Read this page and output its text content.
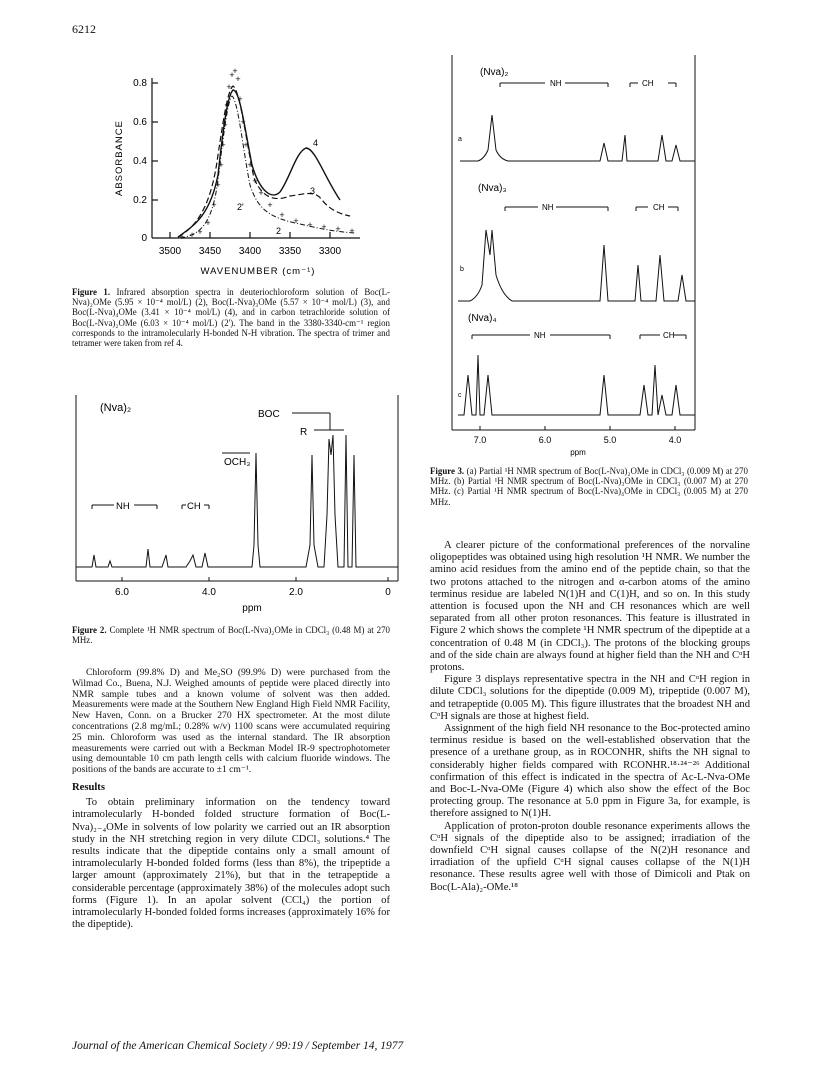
6212
0.8
0.6
0.4
0.2
0
3500 3450 3400 3350 3300
ABSORBANCE
WAVENUMBER (cm⁻¹)
+ + +
+
+
+
+
+
+
+
+
+
+
+
+
+
+
+
+
+
+
+
+ + + + +
4
3
2
2'
Figure 1. Infrared absorption spectra in deuteriochloroform solution of Boc(L-Nva)₂OMe (5.95 × 10⁻⁴ mol/L) (2), Boc(L-Nva)₃OMe (5.57 × 10⁻⁴ mol/L) (3), and Boc(L-Nva)₄OMe (3.41 × 10⁻⁴ mol/L) (4), and in carbon tetrachloride solution of Boc(L-Nva)₂OMe (6.03 × 10⁻⁴ mol/L) (2'). The band in the 3380-3340-cm⁻¹ region corresponds to the intramolecularly H-bonded N-H vibration. The spectra of trimer and tetramer were taken from ref 4.
(Nva)₂
BOC
R
OCH₃
NH	CH
6.0	4.0	2.0	0
ppm
Figure 2. Complete ¹H NMR spectrum of Boc(L-Nva)₂OMe in CDCl₃ (0.48 M) at 270 MHz.
(Nva)₂
(Nva)₃
(Nva)₄
a
b
c
NH	CH
NH	CH
NH	CH
7.0	6.0	5.0	4.0
ppm
Figure 3. (a) Partial ¹H NMR spectrum of Boc(L-Nva)₂OMe in CDCl₃ (0.009 M) at 270 MHz. (b) Partial ¹H NMR spectrum of Boc(L-Nva)₃OMe in CDCl₃ (0.007 M) at 270 MHz. (c) Partial ¹H NMR spectrum of Boc(L-Nva)₄OMe in CDCl₃ (0.005 M) at 270 MHz.

Chloroform (99.8% D) and Me₂SO (99.9% D) were purchased from the Wilmad Co., Buena, N.J. Weighed amounts of peptide were placed directly into NMR sample tubes and a known volume of solvent was then added. Measurements were made at the Southern New England High Field NMR Facility, New Haven, Conn. on a Brucker 270 HX spectrometer. At the most dilute concentrations (2.8 mg/mL; 0.28% w/v) 1100 scans were accumulated requiring 25 min. Chloroform was used as the internal standard. The IR absorption measurements were carried out with a Beckman Model IR-9 spectrophotometer using demountable 10 cm path length cells with calcium fluoride windows. The positions of the bands are accurate to ±1 cm⁻¹.

Results

To obtain preliminary information on the tendency toward intramolecularly H-bonded folded structure formation of Boc(L-Nva)₂₋₄OMe in solvents of low polarity we carried out an IR absorption study in the NH stretching region in very dilute CDCl₃ solutions.⁴ The results indicate that the dipeptide contains only a small amount of intramolecularly H-bonded folded forms (less than 8%), the tripeptide a larger amount (approximately 21%), but that in the tetrapeptide a considerable percentage (approximately 38%) of the molecules adopt such forms (Figure 1). In an apolar solvent (CCl₄) the portion of intramolecularly H-bonded folded forms increases (approximately 16% for the dipeptide).

A clearer picture of the conformational preferences of the norvaline oligopeptides was obtained using high resolution ¹H NMR. We number the amino acid residues from the amino end of the peptide chain, so that the two protons attached to the nitrogen and α-carbon atoms of the amino terminus residue are labeled N(1)H and C(1)H, and so on. In this study attention is focused upon the NH and CH resonances which are well separated from all other proton resonances. This feature is illustrated in Figure 2 which shows the complete ¹H NMR spectrum of the dipeptide at a concentration of 0.48 M (in CDCl₃). The protons of the blocking groups and of the side chain are always found at higher field than the NH and CᵅH protons.

Figure 3 displays representative spectra in the NH and CᵅH region in dilute CDCl₃ solutions for the dipeptide (0.009 M), tripeptide (0.007 M), and tetrapeptide (0.005 M). This figure illustrates that the broadest NH and CᵅH signals are those at highest field.

Assignment of the high field NH resonance to the Boc-protected amino terminus residue is based on the well-established observation that the presence of a urethane group, as in ROCONHR, shifts the NH signal to considerably higher fields compared with RCONHR.¹⁸·²⁴⁻²⁶ Additional confirmation of this effect is indicated in the spectra of Ac-L-Nva-OMe and Boc-L-Nva-OMe (Figure 4) which also show the effect of the Boc protecting group. The resonance at 5.0 ppm in Figure 3a, for example, is therefore assigned to N(1)H.

Application of proton-proton double resonance experiments allows the CᵅH signals of the dipeptide also to be assigned; irradiation of the downfield CᵅH signal causes collapse of the N(2)H resonance and irradiation of the upfield CᵅH signal causes collapse of the N(1)H resonance. These results agree well with those of Dimicoli and Ptak on Boc(L-Ala)₂-OMe.¹⁸

Journal of the American Chemical Society / 99:19 / September 14, 1977
